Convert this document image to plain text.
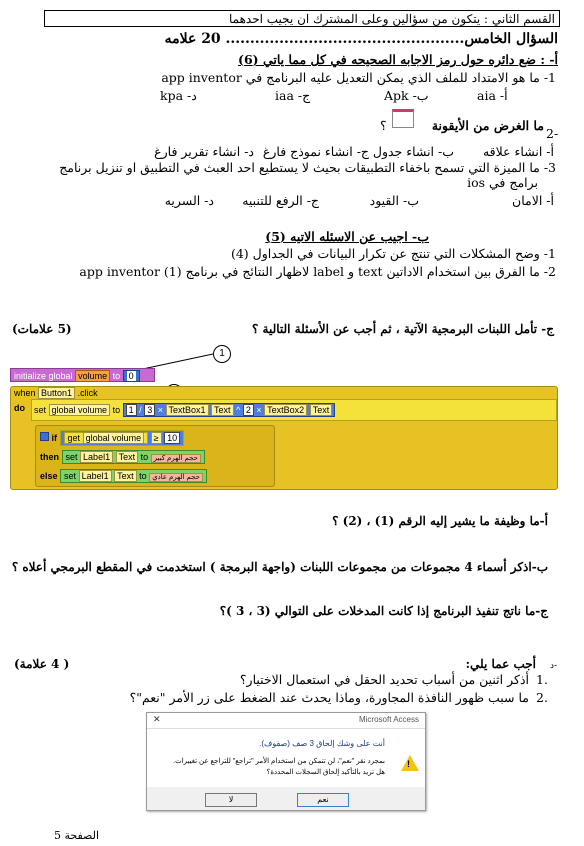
القسم الثاني : يتكون من سؤالين وعلى المشترك ان يجيب احدهما
السؤال الخامس................................................. 20 علامه
أ- : ضع دائره حول رمز الاجابه الصحيحه في كل مما ياتي (6)
1- ما هو الامتداد للملف الذي يمكن التعديل عليه البرنامج في app inventor
أ- aia
ب- Apk
ج- iaa
د- kpa
ما الغرض من الأيقونة
؟
2-
أ- انشاء علاقه
ب- انشاء جدول
ج- انشاء نموذج فارغ
د- انشاء تقرير فارغ
3- ما الميزة التي تسمح باخفاء التطبيقات بحيث لا يستطيع احد العبث في التطبيق او تنزيل برنامج
برامج في ios
أ- الامان
ب- القيود
ج- الرفع للتنبيه
د- السريه
ب- اجيب عن الاسئله الاتيه (5)
1- وضح المشكلات التي تنتج عن تكرار البيانات في الجداول (4)
2- ما الفرق بين استخدام الاداتين text و label لاظهار النتائج في برنامج app inventor (1)
ج- تأمل اللبنات البرمجية الآتية ، ثم أجب عن الأسئلة التالية ؟
(5 علامات)
1
initialize global volume to 0
when Button1 .click
do	set global volume to 1 / 3 × TextBox1 Text ^ 2 × TextBox2 Text
if get global volume ≥ 10
then set Label1 Text to حجم الهرم كبير
else set Label1 Text to حجم الهرم عادي
أ-ما وظيفة ما يشير إليه الرقم (1) ، (2) ؟
ب-اذكر أسماء 4 مجموعات من مجموعات اللبنات (واجهة البرمجة ) استخدمت في المقطع البرمجي أعلاه ؟
ج-ما ناتج تنفيذ البرنامج إذا كانت المدخلات على التوالي (3 ، 3 )؟
أجب عما يلي: د-
( 4 علامة)
أذكر اثنين من أسباب تحديد الحقل في استعمال الاختيار؟ 1.
ما سبب ظهور النافذة المجاورة، وماذا يحدث عند الضغط على زر الأمر "نعم"؟ 2.
Microsoft Access
✕
!
أنت على وشك إلحاق 3 صف (صفوف).
بمجرد نقر "نعم"، لن تتمكن من استخدام الأمر "تراجع" للتراجع عن تغييرات.
هل تريد بالتأكيد إلحاق السجلات المحددة؟
نعم
لا
الصفحة 5
